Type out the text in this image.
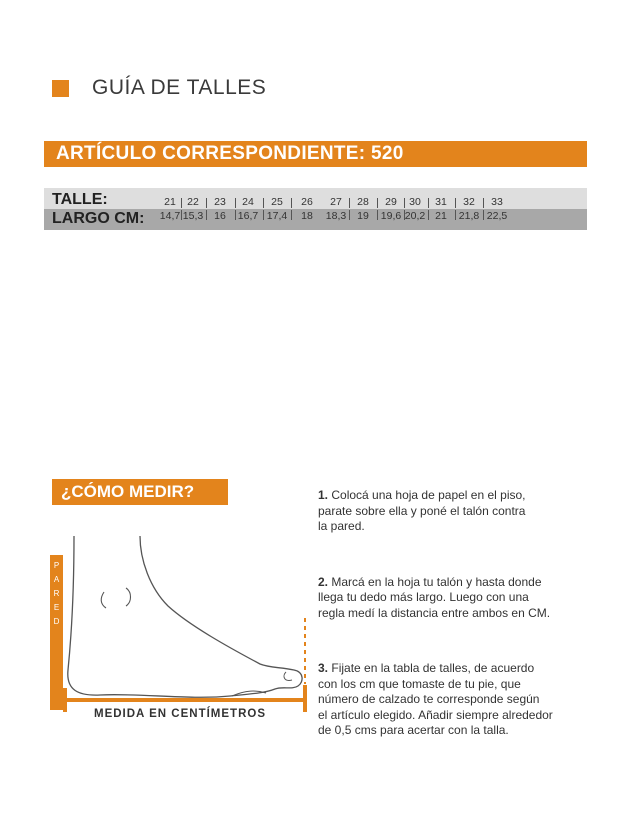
GUÍA DE TALLES
ARTÍCULO CORRESPONDIENTE: 520
TALLE:	21 22 23 24 25 26 27 28 29 30 31 32 33
LARGO CM: 14,7 15,3 16 16,7 17,4 18 18,3 19 19,6 20,2 21 21,8 22,5
¿CÓMO MEDIR?
P
A
R
E
D
MEDIDA EN CENTÍMETROS

1. Colocá una hoja de papel en el piso,
parate sobre ella y poné el talón contra
la pared.

2. Marcá en la hoja tu talón y hasta donde
llega tu dedo más largo. Luego con una
regla medí la distancia entre ambos en CM.

3. Fijate en la tabla de talles, de acuerdo
con los cm que tomaste de tu pie, que
número de calzado te corresponde según
el artículo elegido. Añadir siempre alrededor
de 0,5 cms para acertar con la talla.
